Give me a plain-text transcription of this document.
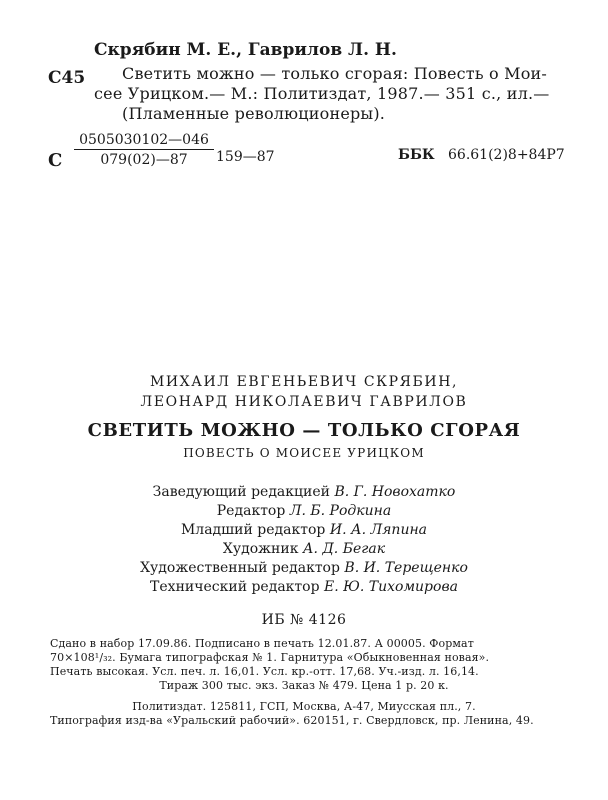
С45
Скрябин М. Е., Гаврилов Л. Н.
Светить можно — только сгорая: Повесть о Мои-
сее Урицком.— М.: Политиздат, 1987.— 351 с., ил.—
(Пламенные революционеры).
С $\frac{0505030102—046}{079(02)—87}$ 159—87	ББК 66.61(2)8+84Р7
МИХАИЛ ЕВГЕНЬЕВИЧ СКРЯБИН,
ЛЕОНАРД НИКОЛАЕВИЧ ГАВРИЛОВ
СВЕТИТЬ МОЖНО — ТОЛЬКО СГОРАЯ
ПОВЕСТЬ О МОИСЕЕ УРИЦКОМ
Заведующий редакцией В. Г. Новохатко
Редактор Л. Б. Родкина
Младший редактор И. А. Ляпина
Художник А. Д. Бегак
Художественный редактор В. И. Терещенко
Технический редактор Е. Ю. Тихомирова
ИБ № 4126
Сдано в набор 17.09.86. Подписано в печать 12.01.87. А 00005. Формат
70×108¹/₃₂. Бумага типографская № 1. Гарнитура «Обыкновенная новая».
Печать высокая. Усл. печ. л. 16,01. Усл. кр.-отт. 17,68. Уч.-изд. л. 16,14.
Тираж 300 тыс. экз. Заказ № 479. Цена 1 р. 20 к.
Политиздат. 125811, ГСП, Москва, А-47, Миусская пл., 7.
Типография изд-ва «Уральский рабочий». 620151, г. Свердловск, пр. Ленина, 49.
